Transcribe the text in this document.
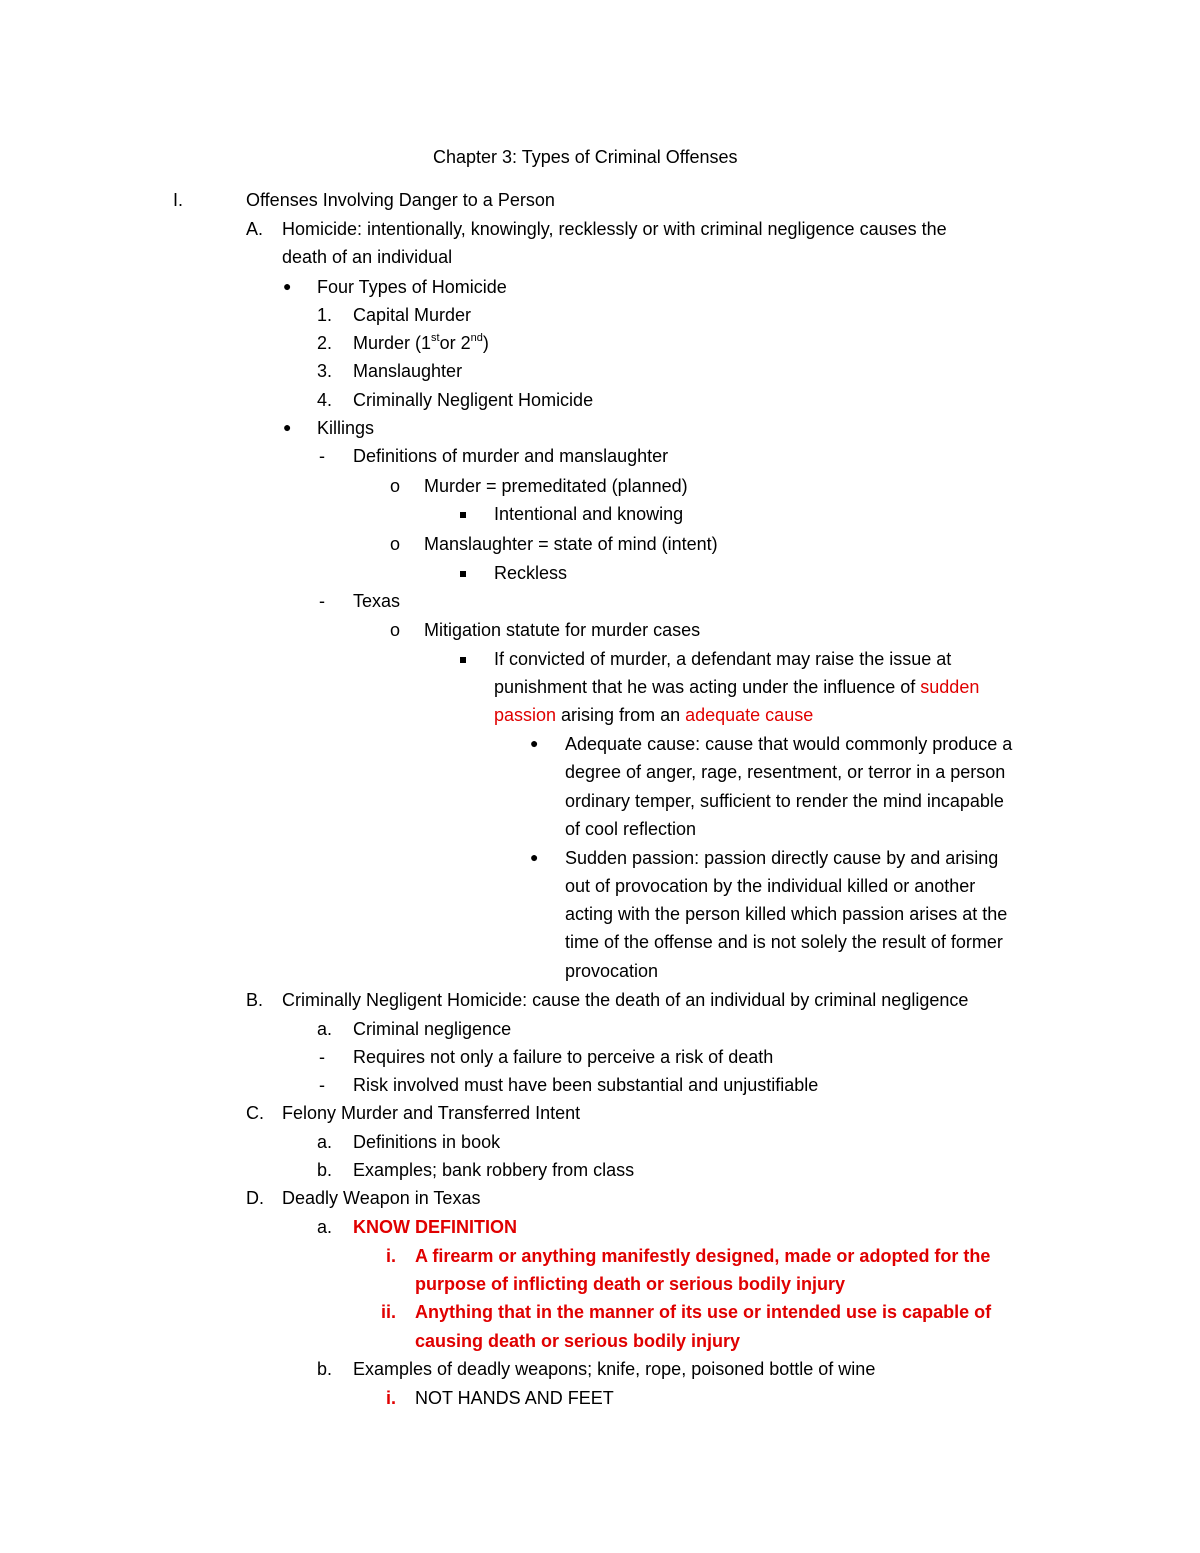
Chapter 3: Types of Criminal Offenses
I.	Offenses Involving Danger to a Person
A. Homicide: intentionally, knowingly, recklessly or with criminal negligence causes the
death of an individual
● Four Types of Homicide
1. Capital Murder
2. Murder (1stor 2nd)
3. Manslaughter
4. Criminally Negligent Homicide
● Killings
- Definitions of murder and manslaughter
o Murder = premeditated (planned)
Intentional and knowing
o Manslaughter = state of mind (intent)
Reckless
- Texas
o Mitigation statute for murder cases
If convicted of murder, a defendant may raise the issue at
punishment that he was acting under the influence of sudden
passion arising from an adequate cause
● Adequate cause: cause that would commonly produce a
degree of anger, rage, resentment, or terror in a person
ordinary temper, sufficient to render the mind incapable
of cool reflection
● Sudden passion: passion directly cause by and arising
out of provocation by the individual killed or another
acting with the person killed which passion arises at the
time of the offense and is not solely the result of former
provocation
B. Criminally Negligent Homicide: cause the death of an individual by criminal negligence
a. Criminal negligence
- Requires not only a failure to perceive a risk of death
- Risk involved must have been substantial and unjustifiable
C. Felony Murder and Transferred Intent
a. Definitions in book
b. Examples; bank robbery from class
D. Deadly Weapon in Texas
a. KNOW DEFINITION
i. A firearm or anything manifestly designed, made or adopted for the
purpose of inflicting death or serious bodily injury
ii. Anything that in the manner of its use or intended use is capable of
causing death or serious bodily injury
b. Examples of deadly weapons; knife, rope, poisoned bottle of wine
i. NOT HANDS AND FEET
